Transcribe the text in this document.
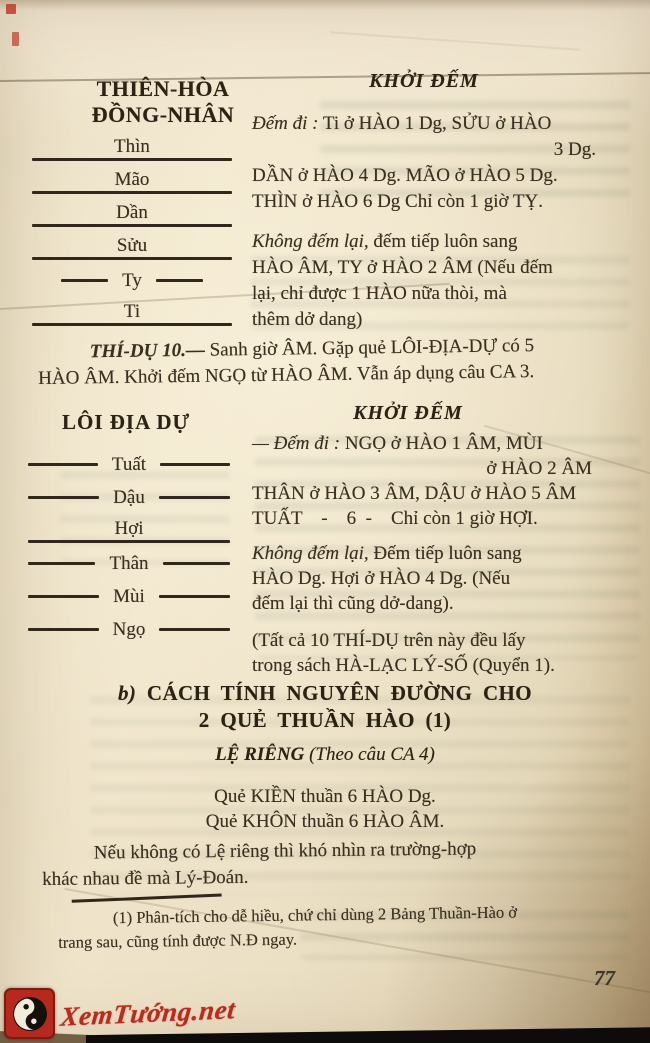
THIÊN-HÒA
ĐỒNG-NHÂN
Thìn
Mão
Dần
Sửu
Ty
Ti
KHỞI ĐẾM
Đếm đi : Ti ở HÀO 1 Dg, SỬU ở HÀO
3 Dg.
DẦN ở HÀO 4 Dg. MÃO ở HÀO 5 Dg.
THÌN ở HÀO 6 Dg Chỉ còn 1 giờ TỴ.
Không đếm lại, đếm tiếp luôn sang
HÀO ÂM, TY ở HÀO 2 ÂM (Nếu đếm
lại, chỉ được 1 HÀO nữa thòi, mà
thêm dở dang)
THÍ-DỤ 10.— Sanh giờ ÂM. Gặp quẻ LÔI-ĐỊA-DỰ có 5
HÀO ÂM. Khởi đếm NGỌ từ HÀO ÂM. Vẫn áp dụng câu CA 3.
LÔI ĐỊA DỰ
Tuất
Dậu
Hợi
Thân
Mùi
Ngọ
KHỞI ĐẾM
— Đếm đi : NGỌ ở HÀO 1 ÂM, MÙI
ở HÀO 2 ÂM
THÂN ở HÀO 3 ÂM, DẬU ở HÀO 5 ÂM
TUẤT    -    6  -    Chỉ còn 1 giờ HỢI.
Không đếm lại, Đếm tiếp luôn sang
HÀO Dg. Hợi ở HÀO 4 Dg. (Nếu
đếm lại thì cũng dở-dang).
(Tất cả 10 THÍ-DỤ trên này đều lấy
trong sách HÀ-LẠC LÝ-SỐ (Quyển 1).
b) CÁCH TÍNH NGUYÊN ĐƯỜNG CHO
2 QUẺ THUẦN HÀO (1)
LỆ RIÊNG (Theo câu CA 4)
Quẻ KIỀN thuần 6 HÀO Dg.
Quẻ KHÔN thuần 6 HÀO ÂM.
Nếu không có Lệ riêng thì khó nhìn ra trường-hợp
khác nhau đề mà Lý-Đoán.
(1) Phân-tích cho dễ hiều, chứ chỉ dùng 2 Bảng Thuần-Hào ở
trang sau, cũng tính được N.Đ ngay.
77
XemTướng.net
